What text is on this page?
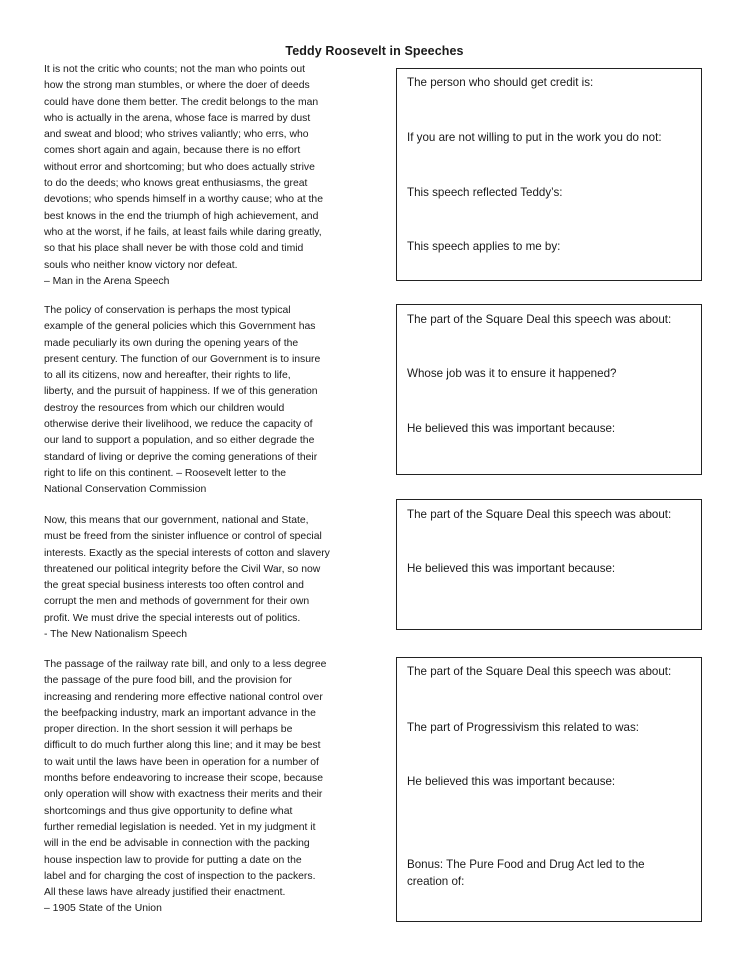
Teddy Roosevelt in Speeches
It is not the critic who counts; not the man who points out
how the strong man stumbles, or where the doer of deeds
could have done them better. The credit belongs to the man
who is actually in the arena, whose face is marred by dust
and sweat and blood; who strives valiantly; who errs, who
comes short again and again, because there is no effort
without error and shortcoming; but who does actually strive
to do the deeds; who knows great enthusiasms, the great
devotions; who spends himself in a worthy cause; who at the
best knows in the end the triumph of high achievement, and
who at the worst, if he fails, at least fails while daring greatly,
so that his place shall never be with those cold and timid
souls who neither know victory nor defeat.
– Man in the Arena Speech
The policy of conservation is perhaps the most typical
example of the general policies which this Government has
made peculiarly its own during the opening years of the
present century. The function of our Government is to insure
to all its citizens, now and hereafter, their rights to life,
liberty, and the pursuit of happiness. If we of this generation
destroy the resources from which our children would
otherwise derive their livelihood, we reduce the capacity of
our land to support a population, and so either degrade the
standard of living or deprive the coming generations of their
right to life on this continent. – Roosevelt letter to the
National Conservation Commission
Now, this means that our government, national and State,
must be freed from the sinister influence or control of special
interests. Exactly as the special interests of cotton and slavery
threatened our political integrity before the Civil War, so now
the great special business interests too often control and
corrupt the men and methods of government for their own
profit. We must drive the special interests out of politics.
- The New Nationalism Speech
The passage of the railway rate bill, and only to a less degree
the passage of the pure food bill, and the provision for
increasing and rendering more effective national control over
the beefpacking industry, mark an important advance in the
proper direction. In the short session it will perhaps be
difficult to do much further along this line; and it may be best
to wait until the laws have been in operation for a number of
months before endeavoring to increase their scope, because
only operation will show with exactness their merits and their
shortcomings and thus give opportunity to define what
further remedial legislation is needed. Yet in my judgment it
will in the end be advisable in connection with the packing
house inspection law to provide for putting a date on the
label and for charging the cost of inspection to the packers.
All these laws have already justified their enactment.
– 1905 State of the Union
The person who should get credit is:
If you are not willing to put in the work you do not:
This speech reflected Teddy’s:
This speech applies to me by:
The part of the Square Deal this speech was about:
Whose job was it to ensure it happened?
He believed this was important because:
The part of the Square Deal this speech was about:
He believed this was important because:
The part of the Square Deal this speech was about:
The part of Progressivism this related to was:
He believed this was important because:
Bonus: The Pure Food and Drug Act led to the
creation of:
